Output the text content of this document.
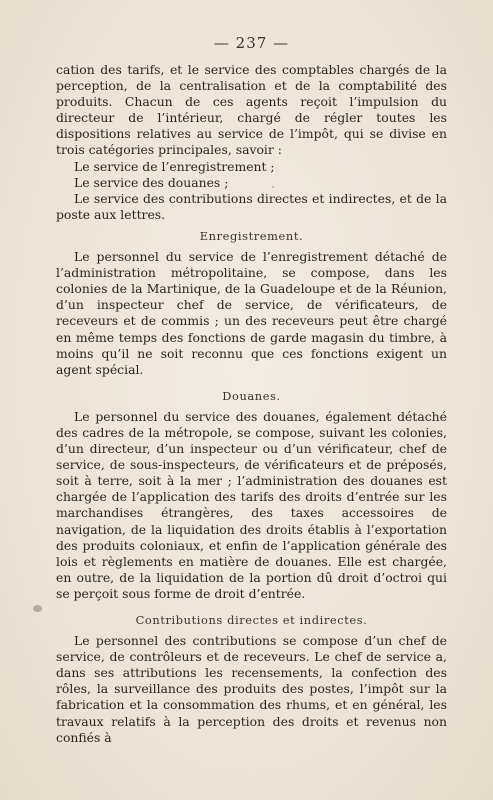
— 237 —

cation des tarifs, et le service des comptables chargés de la perception, de la centralisation et de la comptabilité des produits. Chacun de ces agents reçoit l’impulsion du directeur de l’intérieur, chargé de régler toutes les dispositions relatives au service de l’impôt, qui se divise en trois catégories principales, savoir :

Le service de l’enregistrement ;

Le service des douanes ;

Le service des contributions directes et indirectes, et de la poste aux lettres.

Enregistrement.

Le personnel du service de l’enregistrement détaché de l’administration métropolitaine, se compose, dans les colonies de la Martinique, de la Guadeloupe et de la Réunion, d’un inspecteur chef de service, de vérificateurs, de receveurs et de commis ; un des receveurs peut être chargé en même temps des fonctions de garde magasin du timbre, à moins qu’il ne soit reconnu que ces fonctions exigent un agent spécial.

Douanes.

Le personnel du service des douanes, également détaché des cadres de la métropole, se compose, suivant les colonies, d’un directeur, d’un inspecteur ou d’un vérificateur, chef de service, de sous-inspecteurs, de vérificateurs et de préposés, soit à terre, soit à la mer ; l’administration des douanes est chargée de l’application des tarifs des droits d’entrée sur les marchandises étrangères, des taxes accessoires de navigation, de la liquidation des droits établis à l’exportation des produits coloniaux, et enfin de l’application générale des lois et règlements en matière de douanes. Elle est chargée, en outre, de la liquidation de la portion dû droit d’octroi qui se perçoit sous forme de droit d’entrée.

Contributions directes et indirectes.

Le personnel des contributions se compose d’un chef de service, de contrôleurs et de receveurs. Le chef de service a, dans ses attributions les recensements, la confection des rôles, la surveillance des produits des postes, l’impôt sur la fabrication et la consommation des rhums, et en général, les travaux relatifs à la perception des droits et revenus non confiés à
